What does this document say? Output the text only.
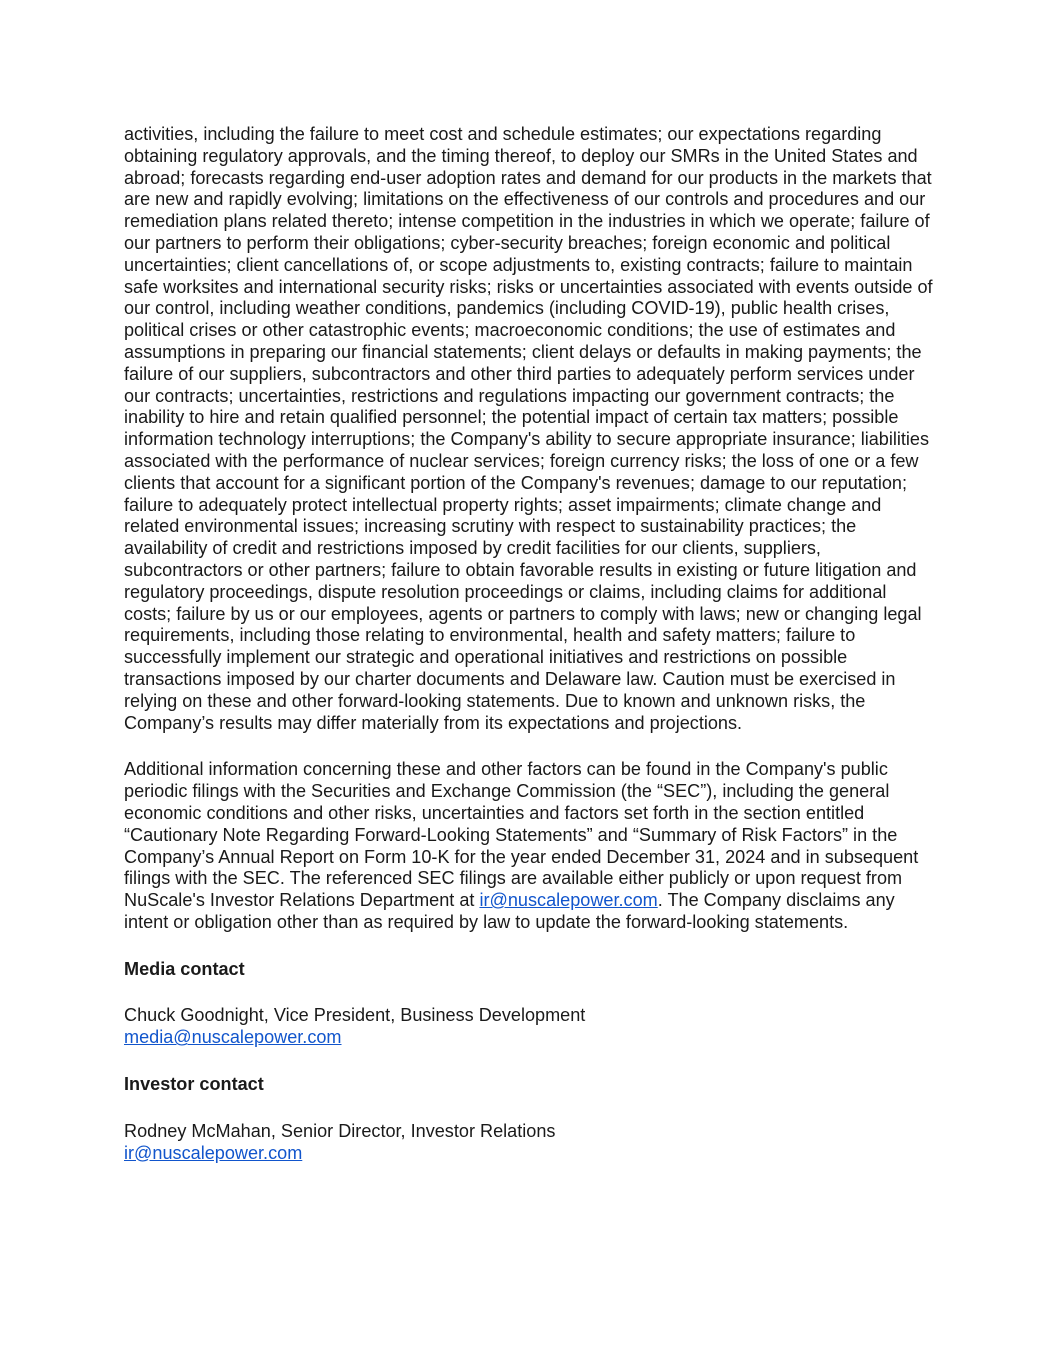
activities, including the failure to meet cost and schedule estimates; our expectations regarding obtaining regulatory approvals, and the timing thereof, to deploy our SMRs in the United States and abroad; forecasts regarding end-user adoption rates and demand for our products in the markets that are new and rapidly evolving; limitations on the effectiveness of our controls and procedures and our remediation plans related thereto; intense competition in the industries in which we operate; failure of our partners to perform their obligations; cyber-security breaches; foreign economic and political uncertainties; client cancellations of, or scope adjustments to, existing contracts; failure to maintain safe worksites and international security risks; risks or uncertainties associated with events outside of our control, including weather conditions, pandemics (including COVID-19), public health crises, political crises or other catastrophic events; macroeconomic conditions; the use of estimates and assumptions in preparing our financial statements; client delays or defaults in making payments; the failure of our suppliers, subcontractors and other third parties to adequately perform services under our contracts; uncertainties, restrictions and regulations impacting our government contracts; the inability to hire and retain qualified personnel; the potential impact of certain tax matters; possible information technology interruptions; the Company's ability to secure appropriate insurance; liabilities associated with the performance of nuclear services; foreign currency risks; the loss of one or a few clients that account for a significant portion of the Company's revenues; damage to our reputation; failure to adequately protect intellectual property rights; asset impairments; climate change and related environmental issues; increasing scrutiny with respect to sustainability practices; the availability of credit and restrictions imposed by credit facilities for our clients, suppliers, subcontractors or other partners; failure to obtain favorable results in existing or future litigation and regulatory proceedings, dispute resolution proceedings or claims, including claims for additional costs; failure by us or our employees, agents or partners to comply with laws; new or changing legal requirements, including those relating to environmental, health and safety matters; failure to successfully implement our strategic and operational initiatives and restrictions on possible transactions imposed by our charter documents and Delaware law. Caution must be exercised in relying on these and other forward-looking statements. Due to known and unknown risks, the Company’s results may differ materially from its expectations and projections.

Additional information concerning these and other factors can be found in the Company's public periodic filings with the Securities and Exchange Commission (the “SEC”), including the general economic conditions and other risks, uncertainties and factors set forth in the section entitled “Cautionary Note Regarding Forward-Looking Statements” and “Summary of Risk Factors” in the Company’s Annual Report on Form 10-K for the year ended December 31, 2024 and in subsequent filings with the SEC. The referenced SEC filings are available either publicly or upon request from NuScale's Investor Relations Department at ir@nuscalepower.com. The Company disclaims any intent or obligation other than as required by law to update the forward-looking statements.

Media contact

Chuck Goodnight, Vice President, Business Development

media@nuscalepower.com

Investor contact

Rodney McMahan, Senior Director, Investor Relations

ir@nuscalepower.com
